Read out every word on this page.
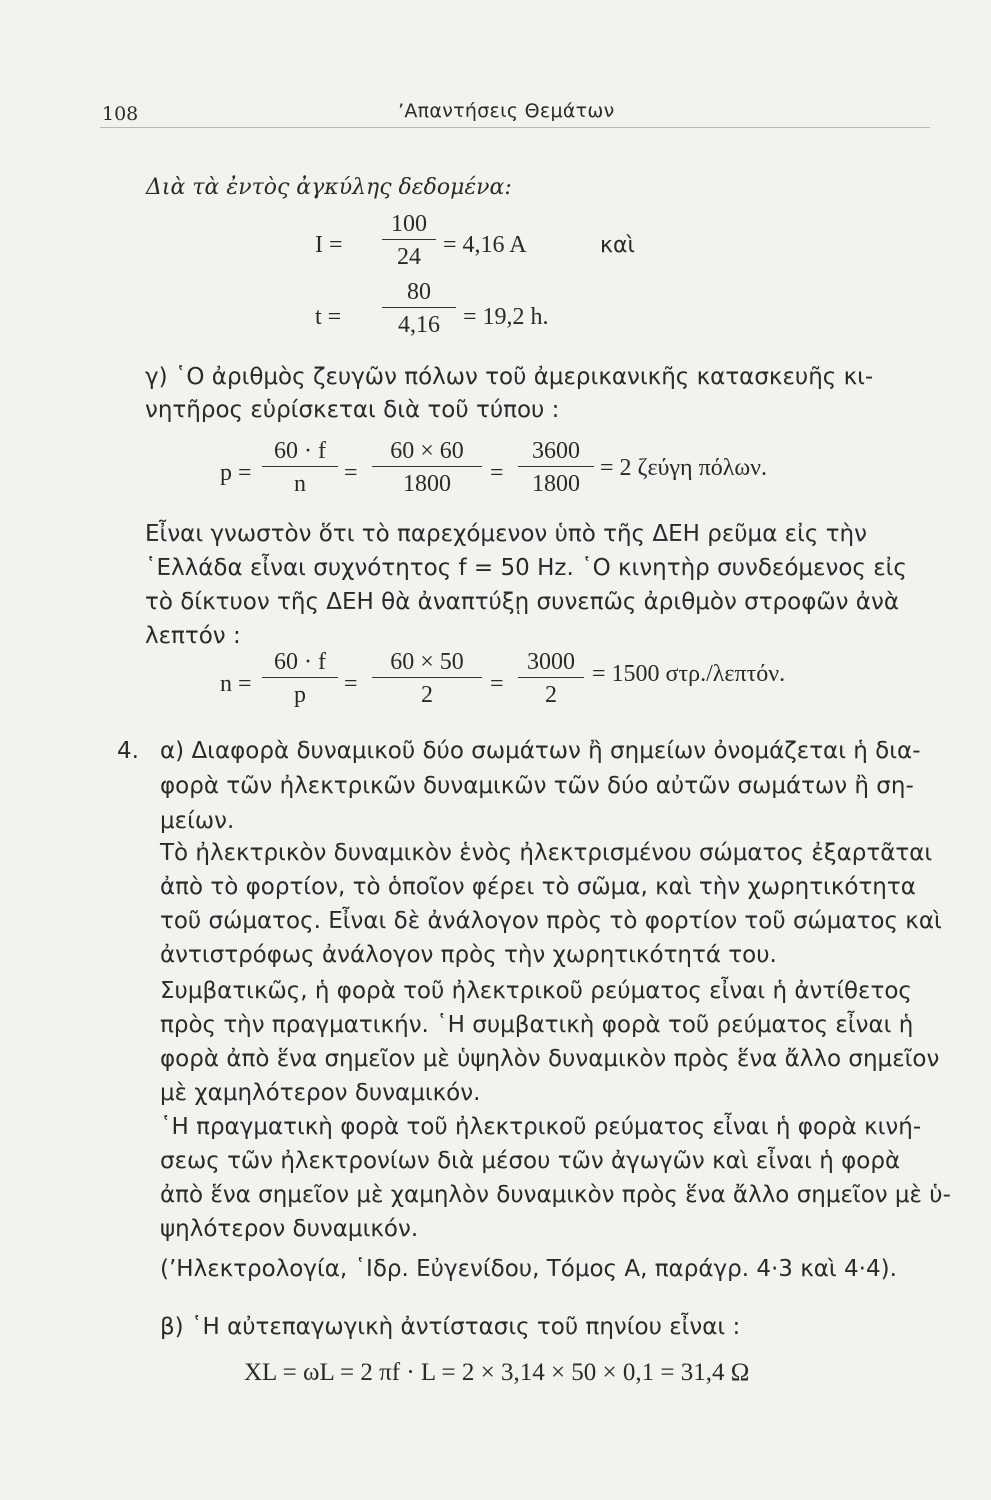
108	’Απαντήσεις Θεμάτων
Διὰ τὰ ἐντὸς ἀγκύλης δεδομένα:
I =
100
24 = 4,16 A	καὶ
t =
80
4,16 = 19,2 h.
γ) ῾Ο ἀριθμὸς ζευγῶν πόλων τοῦ ἀμερικανικῆς κατασκευῆς κι-
νητῆρος εὑρίσκεται διὰ τοῦ τύπου :
p =
60 · f
n =
60 × 60
1800 =
3600
1800
= 2 ζεύγη πόλων.
Εἶναι γνωστὸν ὅτι τὸ παρεχόμενον ὑπὸ τῆς ΔΕΗ ρεῦμα εἰς τὴν
῾Ελλάδα εἶναι συχνότητος f = 50 Hz. ῾Ο κινητὴρ συνδεόμενος εἰς
τὸ δίκτυον τῆς ΔΕΗ θὰ ἀναπτύξῃ συνεπῶς ἀριθμὸν στροφῶν ἀνὰ
λεπτόν :
n =
60 · f
p =
60 × 50
2 =
3000
2
= 1500 στρ./λεπτόν.
4. α) Διαφορὰ δυναμικοῦ δύο σωμάτων ἢ σημείων ὀνομάζεται ἡ δια-
φορὰ τῶν ἠλεκτρικῶν δυναμικῶν τῶν δύο αὐτῶν σωμάτων ἢ ση-
μείων.
Τὸ ἠλεκτρικὸν δυναμικὸν ἑνὸς ἠλεκτρισμένου σώματος ἐξαρτᾶται
ἀπὸ τὸ φορτίον, τὸ ὁποῖον φέρει τὸ σῶμα, καὶ τὴν χωρητικότητα
τοῦ σώματος. Εἶναι δὲ ἀνάλογον πρὸς τὸ φορτίον τοῦ σώματος καὶ
ἀντιστρόφως ἀνάλογον πρὸς τὴν χωρητικότητά του.
Συμβατικῶς, ἡ φορὰ τοῦ ἠλεκτρικοῦ ρεύματος εἶναι ἡ ἀντίθετος
πρὸς τὴν πραγματικήν. ῾Η συμβατικὴ φορὰ τοῦ ρεύματος εἶναι ἡ
φορὰ ἀπὸ ἕνα σημεῖον μὲ ὑψηλὸν δυναμικὸν πρὸς ἕνα ἄλλο σημεῖον
μὲ χαμηλότερον δυναμικόν.
῾Η πραγματικὴ φορὰ τοῦ ἠλεκτρικοῦ ρεύματος εἶναι ἡ φορὰ κινή-
σεως τῶν ἠλεκτρονίων διὰ μέσου τῶν ἀγωγῶν καὶ εἶναι ἡ φορὰ
ἀπὸ ἕνα σημεῖον μὲ χαμηλὸν δυναμικὸν πρὸς ἕνα ἄλλο σημεῖον μὲ ὑ-
ψηλότερον δυναμικόν.
(’Ηλεκτρολογία, ῾Ιδρ. Εὐγενίδου, Τόμος Α, παράγρ. 4·3 καὶ 4·4).
β) ῾Η αὐτεπαγωγικὴ ἀντίστασις τοῦ πηνίου εἶναι :
XL = ωL = 2 πf · L = 2 × 3,14 × 50 × 0,1 = 31,4 Ω
